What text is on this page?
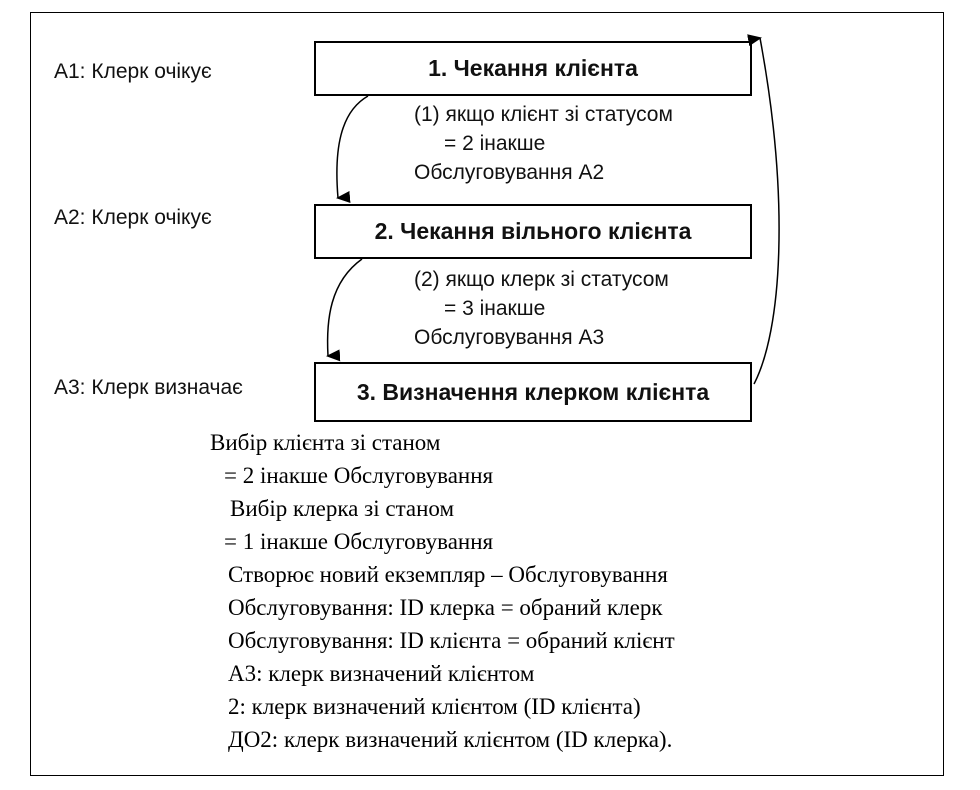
A1: Клерк очікує
A2: Клерк очікує
A3: Клерк визначає
1. Чекання клієнта
2. Чекання вільного клієнта
3. Визначення клерком клієнта
(1) якщо клієнт зі статусом
= 2 інакше
Обслуговування A2
(2) якщо клерк зі статусом
= 3 інакше
Обслуговування A3
Вибір клієнта зі станом
= 2 інакше Обслуговування
Вибір клерка зі станом
= 1 інакше Обслуговування
Створює новий екземпляр – Обслуговування
Обслуговування: ID клерка = обраний клерк
Обслуговування: ID клієнта = обраний клієнт
A3: клерк визначений клієнтом
2: клерк визначений клієнтом (ID клієнта)
ДО2: клерк визначений клієнтом (ID клерка).
